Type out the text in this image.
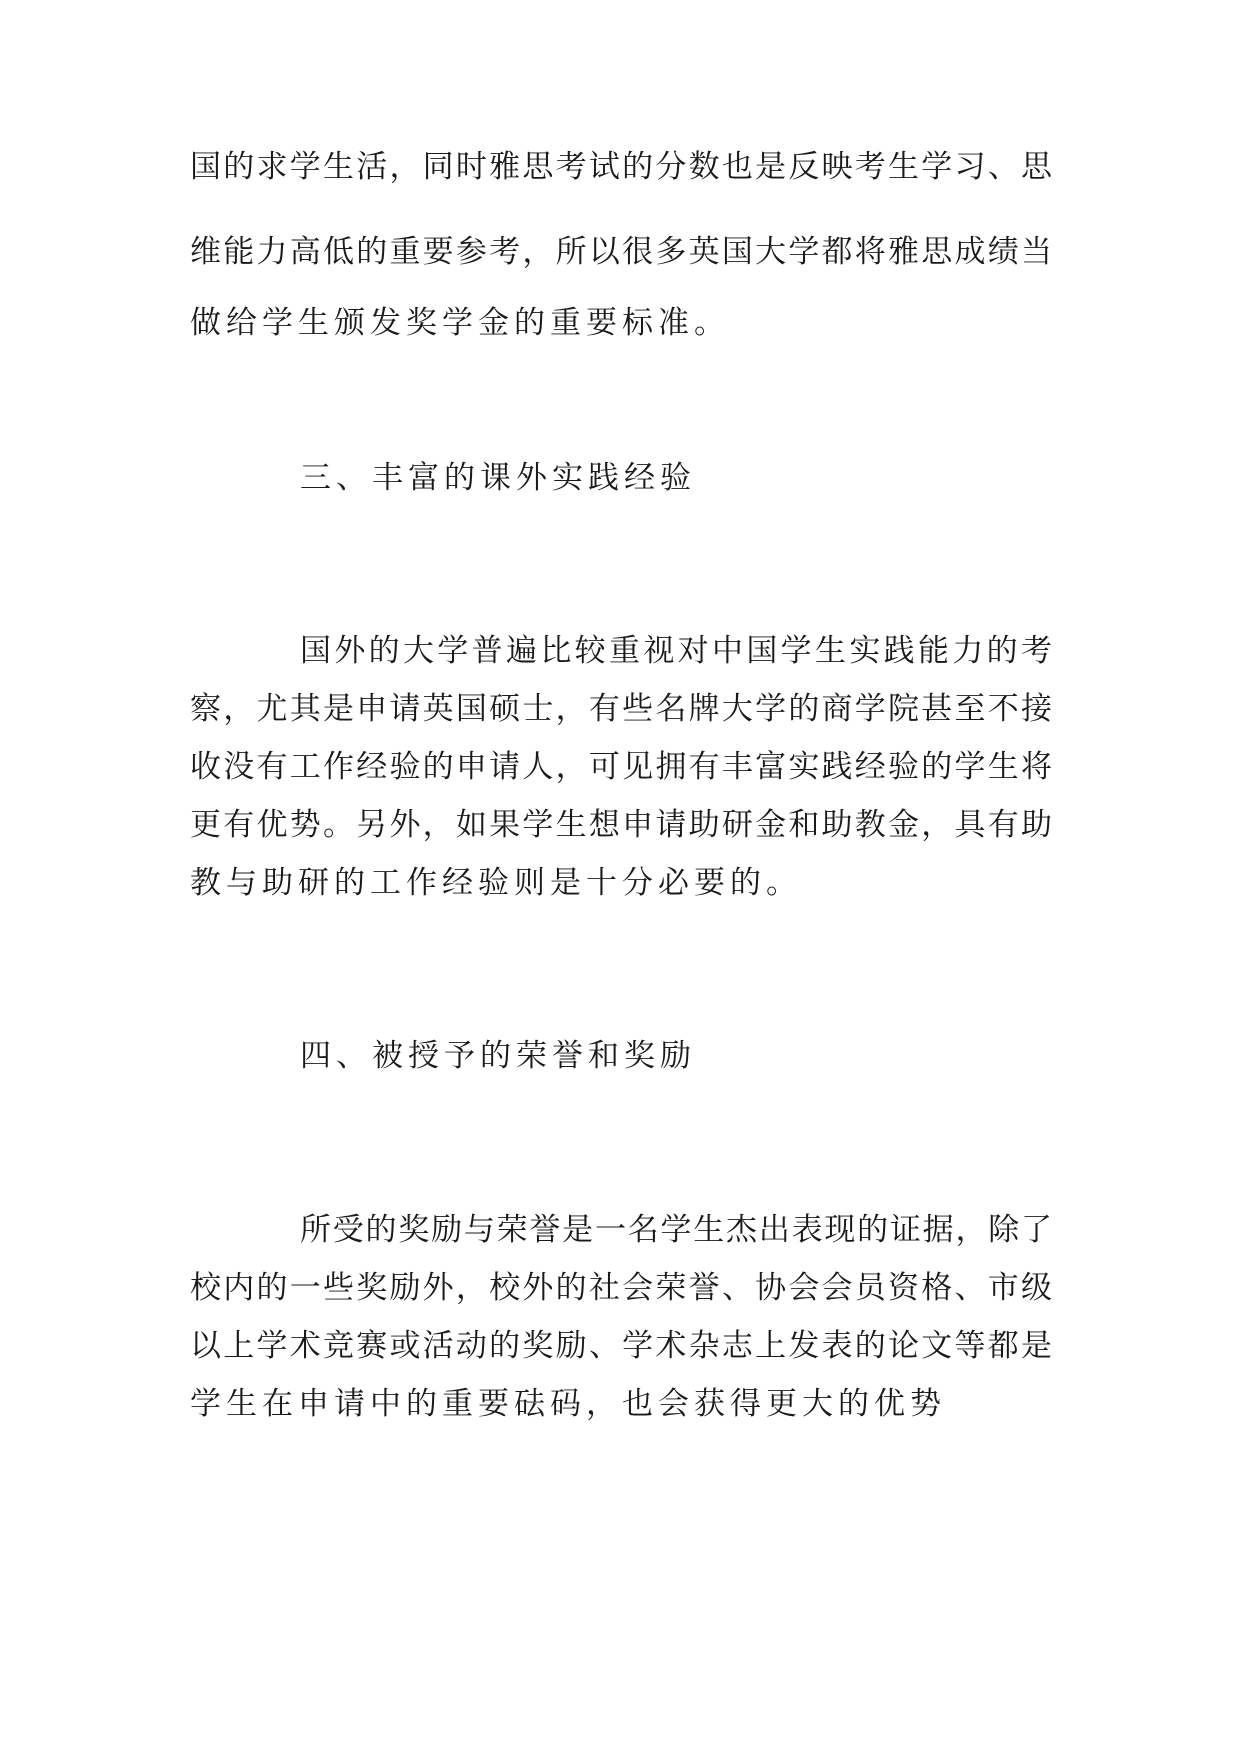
国的求学生活，同时雅思考试的分数也是反映考生学习、思
维能力高低的重要参考，所以很多英国大学都将雅思成绩当
做给学生颁发奖学金的重要标准。
三、丰富的课外实践经验
国外的大学普遍比较重视对中国学生实践能力的考
察，尤其是申请英国硕士，有些名牌大学的商学院甚至不接
收没有工作经验的申请人，可见拥有丰富实践经验的学生将
更有优势。另外，如果学生想申请助研金和助教金，具有助
教与助研的工作经验则是十分必要的。
四、被授予的荣誉和奖励
所受的奖励与荣誉是一名学生杰出表现的证据，除了
校内的一些奖励外，校外的社会荣誉、协会会员资格、市级
以上学术竞赛或活动的奖励、学术杂志上发表的论文等都是
学生在申请中的重要砝码，也会获得更大的优势
